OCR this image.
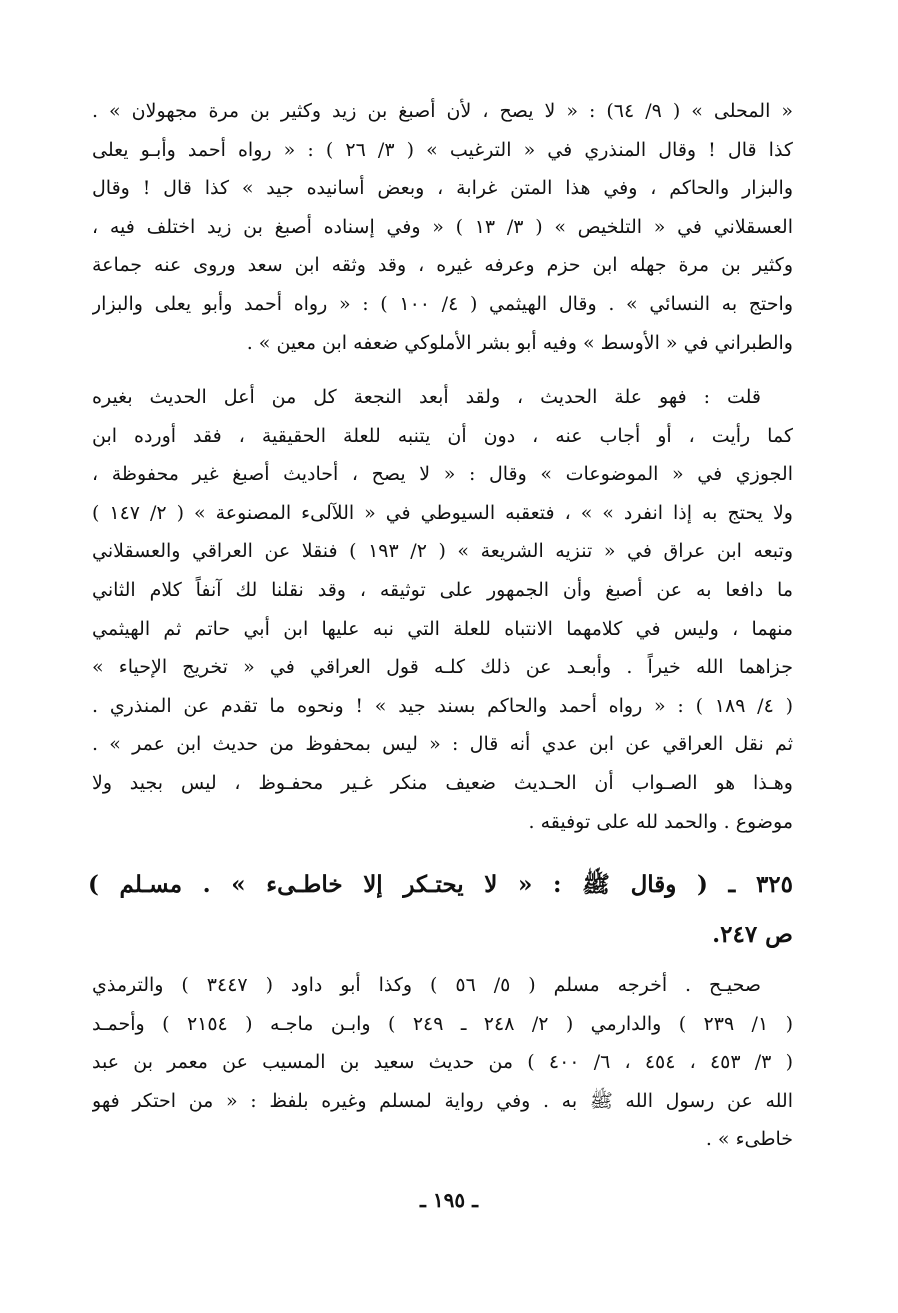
« المحلى » ( ٩/ ٦٤) : « لا يصح ، لأن أصبغ بن زيد وكثير بن مرة مجهولان » .
كذا قال ! وقال المنذري في « الترغيب » ( ٣/ ٢٦ ) : « رواه أحمد وأبـو يعلى
والبزار والحاكم ، وفي هذا المتن غرابة ، وبعض أسانيده جيد » كذا قال ! وقال
العسقلاني في « التلخيص » ( ٣/ ١٣ ) « وفي إسناده أصبغ بن زيد اختلف فيه ،
وكثير بن مرة جهله ابن حزم وعرفه غيره ، وقد وثقه ابن سعد وروى عنه جماعة
واحتج به النسائي » . وقال الهيثمي ( ٤/ ١٠٠ ) : « رواه أحمد وأبو يعلى والبزار
والطبراني في « الأوسط » وفيه أبو بشر الأملوكي ضعفه ابن معين » .
قلت : فهو علة الحديث ، ولقد أبعد النجعة كل من أعل الحديث بغيره
كما رأيت ، أو أجاب عنه ، دون أن يتنبه للعلة الحقيقية ، فقد أورده ابن
الجوزي في « الموضوعات » وقال : « لا يصح ، أحاديث أصبغ غير محفوظة ،
ولا يحتج به إذا انفرد » » ، فتعقبه السيوطي في « اللآلىء المصنوعة » ( ٢/ ١٤٧ )
وتبعه ابن عراق في « تنزيه الشريعة » ( ٢/ ١٩٣ ) فنقلا عن العراقي والعسقلاني
ما دافعا به عن أصبغ وأن الجمهور على توثيقه ، وقد نقلنا لك آنفاً كلام الثاني
منهما ، وليس في كلامهما الانتباه للعلة التي نبه عليها ابن أبي حاتم ثم الهيثمي
جزاهما الله خيراً . وأبعـد عن ذلك كلـه قول العراقي في « تخريج الإحياء »
( ٤/ ١٨٩ ) : « رواه أحمد والحاكم بسند جيد » ! ونحوه ما تقدم عن المنذري .
ثم نقل العراقي عن ابن عدي أنه قال : « ليس بمحفوظ من حديث ابن عمر » .
وهـذا هو الصـواب أن الحـديث ضعيف منكر غـير محفـوظ ، ليس بجيد ولا
موضوع . والحمد لله على توفيقه .
٣٢٥ ـ ( وقال ﷺ : « لا يحتـكر إلا خاطـىء » . مسـلم )
ص ٢٤٧.
صحيـح . أخرجه مسلم ( ٥/ ٥٦ ) وكذا أبو داود ( ٣٤٤٧ ) والترمذي
( ١/ ٢٣٩ ) والدارمي ( ٢/ ٢٤٨ ـ ٢٤٩ ) وابـن ماجـه ( ٢١٥٤ ) وأحمـد
( ٣/ ٤٥٣ ، ٤٥٤ ، ٦/ ٤٠٠ ) من حديث سعيد بن المسيب عن معمر بن عبد
الله عن رسول الله ﷺ به . وفي رواية لمسلم وغيره بلفظ : « من احتكر فهو
خاطىء » .
ـ ١٩٥ ـ
